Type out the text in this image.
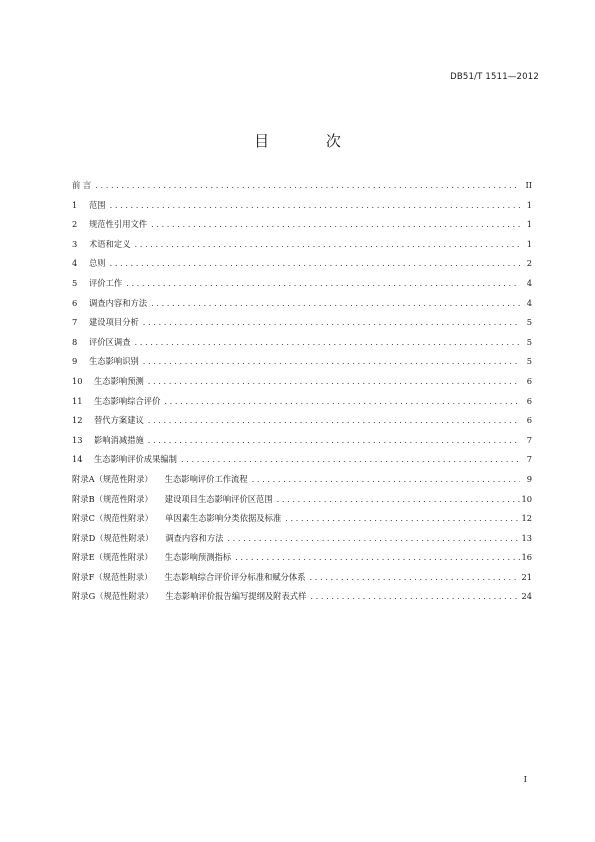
DB51/T 1511—2012
目 次
前 言 .....	II
1	范围 .....	1
2	规范性引用文件 .....	1
3	术语和定义 .....	1
4	总则 .....	2
5	评价工作 .....	4
6	调查内容和方法 .....	4
7	建设项目分析 .....	5
8	评价区调查 .....	5
9	生态影响识别 .....	5
10	生态影响预测 .....	6
11	生态影响综合评价 .....	6
12	替代方案建议 .....	6
13	影响消减措施 .....	7
14	生态影响评价成果编制 .....	7
附录A（规范性附录）	生态影响评价工作流程 .....	9
附录B（规范性附录）	建设项目生态影响评价区范围 .....	10
附录C（规范性附录）	单因素生态影响分类依据及标准 .....	12
附录D（规范性附录）	调查内容和方法 .....	13
附录E（规范性附录）	生态影响预测指标 .....	16
附录F（规范性附录）	生态影响综合评价评分标准和赋分体系 .....	21
附录G（规范性附录）	生态影响评价报告编写提纲及附表式样 .....	24
I
